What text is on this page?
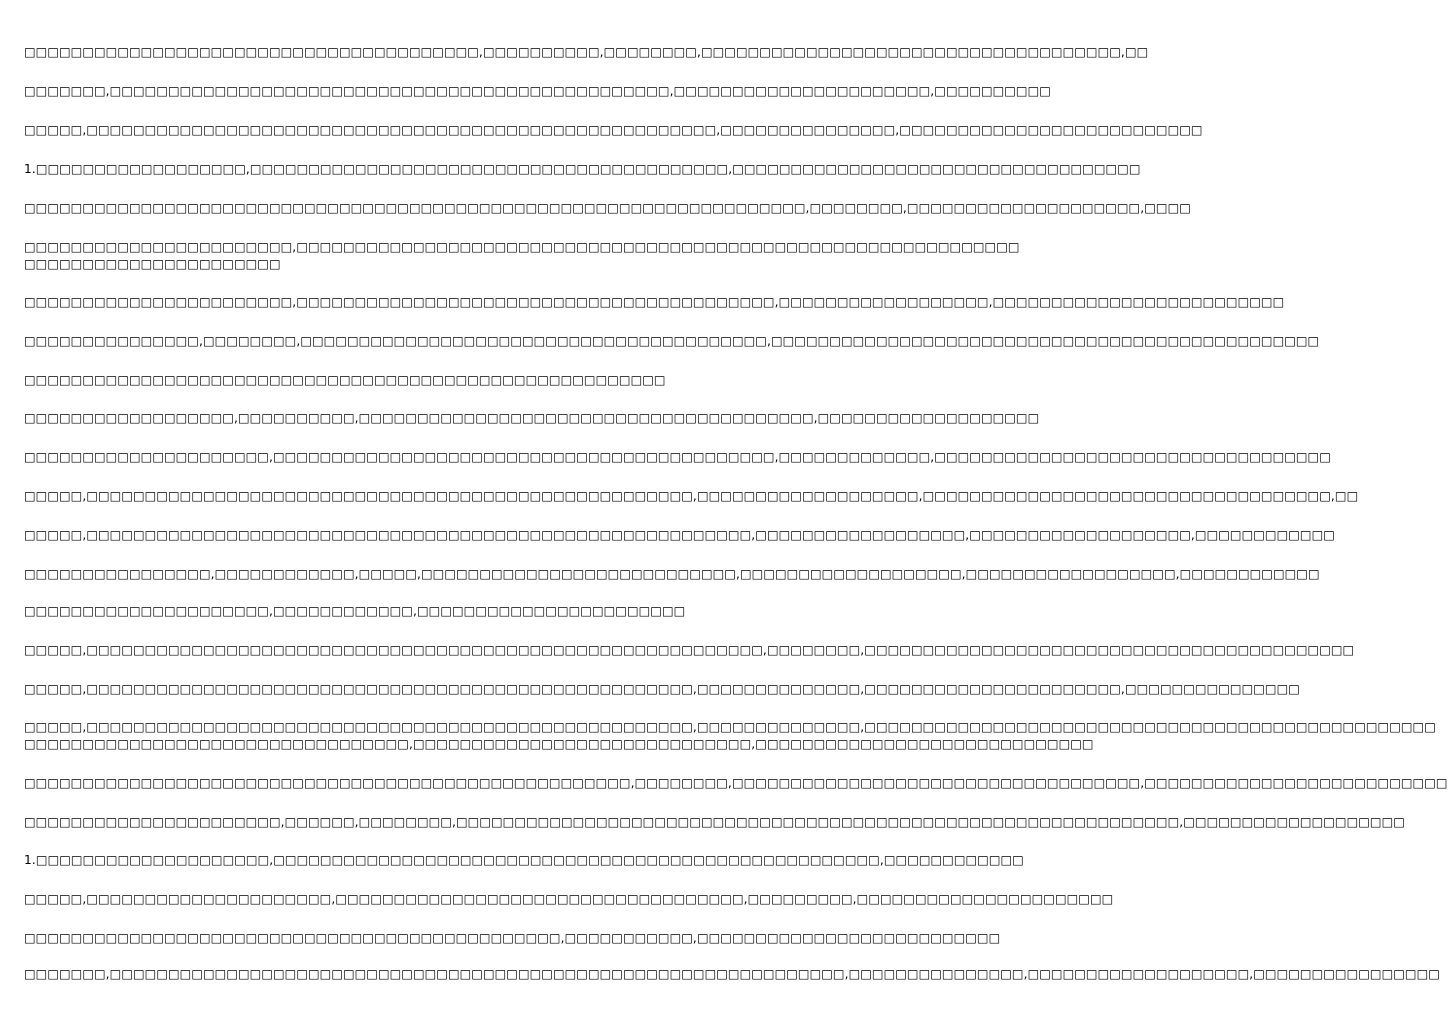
□□□□□□□□□□□□□□□□□□□□□□□□□□□□□□□□□□□□□□□,□□□□□□□□□□,□□□□□□□□,□□□□□□□□□□□□□□□□□□□□□□□□□□□□□□□□□□□□,□□
□□□□□□□,□□□□□□□□□□□□□□□□□□□□□□□□□□□□□□□□□□□□□□□□□□□□□□□□,□□□□□□□□□□□□□□□□□□□□□□,□□□□□□□□□□
□□□□□,□□□□□□□□□□□□□□□□□□□□□□□□□□□□□□□□□□□□□□□□□□□□□□□□□□□□□□,□□□□□□□□□□□□□□□,□□□□□□□□□□□□□□□□□□□□□□□□□□
1.□□□□□□□□□□□□□□□□□□,□□□□□□□□□□□□□□□□□□□□□□□□□□□□□□□□□□□□□□□□□,□□□□□□□□□□□□□□□□□□□□□□□□□□□□□□□□□□□
□□□□□□□□□□□□□□□□□□□□□□□□□□□□□□□□□□□□□□□□□□□□□□□□□□□□□□□□□□□□□□□□□□□,□□□□□□□□,□□□□□□□□□□□□□□□□□□□□,□□□□
□□□□□□□□□□□□□□□□□□□□□□□,□□□□□□□□□□□□□□□□□□□□□□□□□□□□□□□□□□□□□□□□□□□□□□□□□□□□□□□□□□□□□□
□□□□□□□□□□□□□□□□□□□□□□
□□□□□□□□□□□□□□□□□□□□□□□,□□□□□□□□□□□□□□□□□□□□□□□□□□□□□□□□□□□□□□□□□,□□□□□□□□□□□□□□□□□□,□□□□□□□□□□□□□□□□□□□□□□□□□
□□□□□□□□□□□□□□□,□□□□□□□□,□□□□□□□□□□□□□□□□□□□□□□□□□□□□□□□□□□□□□□□□,□□□□□□□□□□□□□□□□□□□□□□□□□□□□□□□□□□□□□□□□□□□□□□□
□□□□□□□□□□□□□□□□□□□□□□□□□□□□□□□□□□□□□□□□□□□□□□□□□□□□□□□
□□□□□□□□□□□□□□□□□□,□□□□□□□□□□,□□□□□□□□□□□□□□□□□□□□□□□□□□□□□□□□□□□□□□□,□□□□□□□□□□□□□□□□□□□
□□□□□□□□□□□□□□□□□□□□□,□□□□□□□□□□□□□□□□□□□□□□□□□□□□□□□□□□□□□□□□□□□,□□□□□□□□□□□□□,□□□□□□□□□□□□□□□□□□□□□□□□□□□□□□□□□□
□□□□□,□□□□□□□□□□□□□□□□□□□□□□□□□□□□□□□□□□□□□□□□□□□□□□□□□□□□,□□□□□□□□□□□□□□□□□□□,□□□□□□□□□□□□□□□□□□□□□□□□□□□□□□□□□□□,□□
□□□□□,□□□□□□□□□□□□□□□□□□□□□□□□□□□□□□□□□□□□□□□□□□□□□□□□□□□□□□□□□,□□□□□□□□□□□□□□□□□□,□□□□□□□□□□□□□□□□□□□,□□□□□□□□□□□□
□□□□□□□□□□□□□□□□,□□□□□□□□□□□□,□□□□□,□□□□□□□□□□□□□□□□□□□□□□□□□□□,□□□□□□□□□□□□□□□□□□□,□□□□□□□□□□□□□□□□□□,□□□□□□□□□□□□
□□□□□□□□□□□□□□□□□□□□□,□□□□□□□□□□□□,□□□□□□□□□□□□□□□□□□□□□□□
□□□□□,□□□□□□□□□□□□□□□□□□□□□□□□□□□□□□□□□□□□□□□□□□□□□□□□□□□□□□□□□□,□□□□□□□□,□□□□□□□□□□□□□□□□□□□□□□□□□□□□□□□□□□□□□□□□□□
□□□□□,□□□□□□□□□□□□□□□□□□□□□□□□□□□□□□□□□□□□□□□□□□□□□□□□□□□□,□□□□□□□□□□□□□□,□□□□□□□□□□□□□□□□□□□□□□,□□□□□□□□□□□□□□□
□□□□□,□□□□□□□□□□□□□□□□□□□□□□□□□□□□□□□□□□□□□□□□□□□□□□□□□□□□,□□□□□□□□□□□□□□,□□□□□□□□□□□□□□□□□□□□□□□□□□□□□□□□□□□□□□□□□□□□□□□□□
□□□□□□□□□□□□□□□□□□□□□□□□□□□□□□□□□,□□□□□□□□□□□□□□□□□□□□□□□□□□□□□,□□□□□□□□□□□□□□□□□□□□□□□□□□□□□
□□□□□□□□□□□□□□□□□□□□□□□□□□□□□□□□□□□□□□□□□□□□□□□□□□□□,□□□□□□□□,□□□□□□□□□□□□□□□□□□□□□□□□□□□□□□□□□□□,□□□□□□□□□□□□□□□□□□□□□□□□□□
□□□□□□□□□□□□□□□□□□□□□□,□□□□□□,□□□□□□□□,□□□□□□□□□□□□□□□□□□□□□□□□□□□□□□□□□□□□□□□□□□□□□□□□□□□□□□□□□□□□□□,□□□□□□□□□□□□□□□□□□□
1.□□□□□□□□□□□□□□□□□□□□,□□□□□□□□□□□□□□□□□□□□□□□□□□□□□□□□□□□□□□□□□□□□□□□□□□□□,□□□□□□□□□□□□
□□□□□,□□□□□□□□□□□□□□□□□□□□□,□□□□□□□□□□□□□□□□□□□□□□□□□□□□□□□□□□□,□□□□□□□□□,□□□□□□□□□□□□□□□□□□□□□□
□□□□□□□□□□□□□□□□□□□□□□□□□□□□□□□□□□□□□□□□□□□□□□,□□□□□□□□□□□,□□□□□□□□□□□□□□□□□□□□□□□□□□
□□□□□□□,□□□□□□□□□□□□□□□□□□□□□□□□□□□□□□□□□□□□□□□□□□□□□□□□□□□□□□□□□□□□□□□,□□□□□□□□□□□□□□□,□□□□□□□□□□□□□□□□□□□,□□□□□□□□□□□□□□□□
